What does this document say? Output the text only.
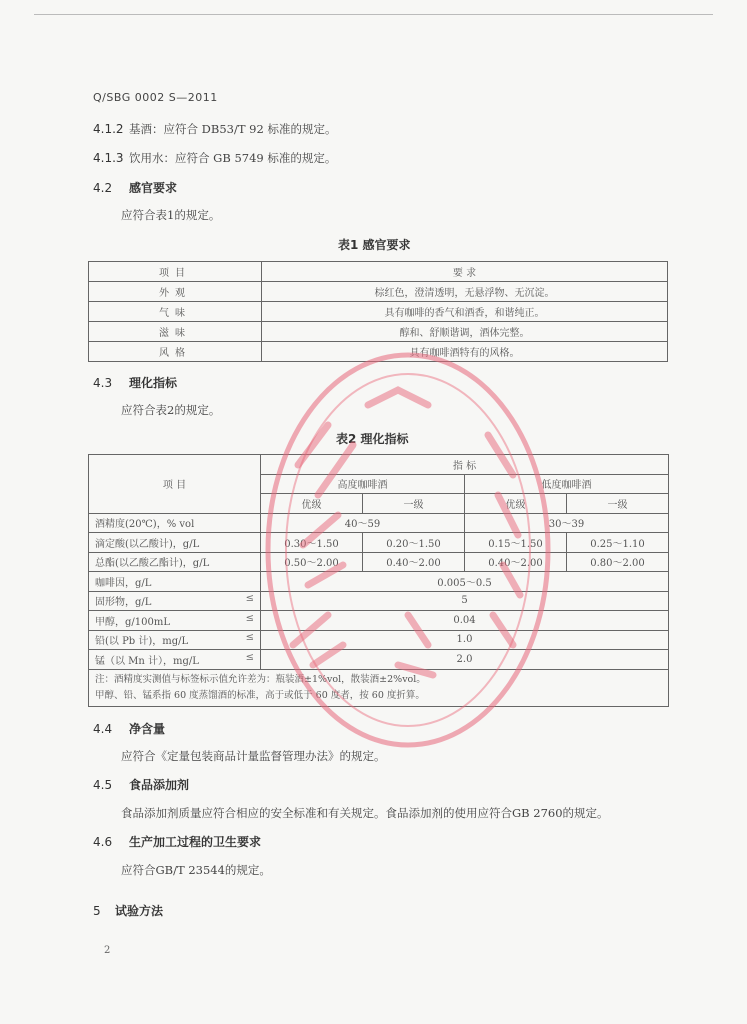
Q/SBG 0002 S—2011
4.1.2 基酒：应符合 DB53/T 92 标准的规定。
4.1.3 饮用水：应符合 GB 5749 标准的规定。
4.2 感官要求
应符合表1的规定。
表1 感官要求
项目	要 求
外观	棕红色，澄清透明，无悬浮物、无沉淀。
气味	具有咖啡的香气和酒香，和谐纯正。
滋味	醇和、舒顺谐调，酒体完整。
风格	具有咖啡酒特有的风格。
4.3 理化指标
应符合表2的规定。
表2 理化指标
项 目	指 标			
	高度咖啡酒		低度咖啡酒	
	优级	一级	优级	一级
酒精度(20℃)，% vol	40～59		30～39	
滴定酸(以乙酸计)，g/L	0.30～1.50	0.20～1.50	0.15～1.50	0.25～1.10
总酯(以乙酸乙酯计)，g/L	0.50～2.00	0.40～2.00	0.40～2.00	0.80～2.00
咖啡因，g/L	0.005～0.5			
固形物，g/L ≤	5			
甲醇，g/100mL ≤	0.04			
铅(以 Pb 计)，mg/L ≤	1.0			
锰（以 Mn 计），mg/L ≤	2.0			

注：酒精度实测值与标签标示值允许差为：瓶装酒±1%vol，散装酒±2%vol。
甲醇、铅、锰系指 60 度蒸馏酒的标准，高于或低于 60 度者，按 60 度折算。				
4.4 净含量
应符合《定量包装商品计量监督管理办法》的规定。
4.5 食品添加剂
食品添加剂质量应符合相应的安全标准和有关规定。食品添加剂的使用应符合GB 2760的规定。
4.6 生产加工过程的卫生要求
应符合GB/T 23544的规定。
5 试验方法
2
